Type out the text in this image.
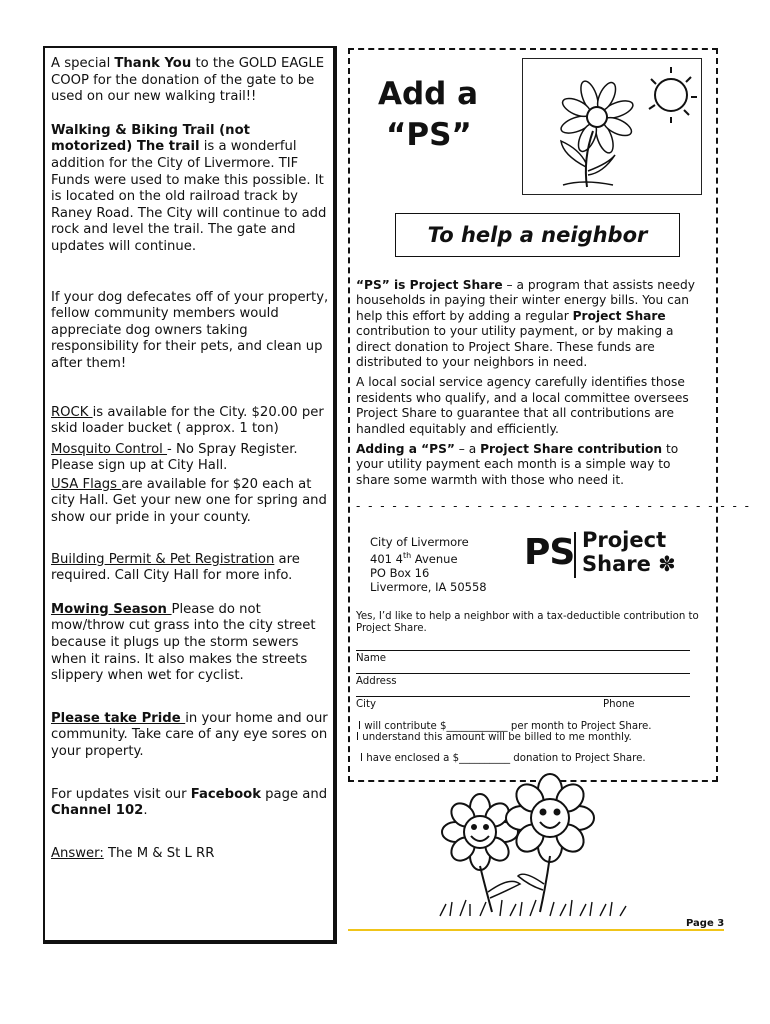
A special Thank You to the GOLD EAGLE COOP for the donation of the gate to be used on our new walking trail!!

Walking & Biking Trail (not motorized) The trail is a wonderful addition for the City of Livermore. TIF Funds were used to make this possible. It is located on the old railroad track by Raney Road. The City will continue to add rock and level the trail. The gate and updates will continue.

If your dog defecates off of your property, fellow community members would appreciate dog owners taking responsibility for their pets, and clean up after them!

ROCK is available for the City. $20.00 per skid loader bucket ( approx. 1 ton)

Mosquito Control - No Spray Register. Please sign up at City Hall.

USA Flags are available for $20 each at city Hall. Get your new one for spring and show our pride in your county.

Building Permit & Pet Registration are required. Call City Hall for more info.

Mowing Season Please do not mow/throw cut grass into the city street because it plugs up the storm sewers when it rains. It also makes the streets slippery when wet for cyclist.

Please take Pride in your home and our community. Take care of any eye sores on your property.

For updates visit our Facebook page and Channel 102.

Answer: The M & St L RR

Add a
“PS”
To help a neighbor

“PS” is Project Share – a program that assists needy households in paying their winter energy bills. You can help this effort by adding a regular Project Share contribution to your utility payment, or by making a direct donation to Project Share. These funds are distributed to your neighbors in need.

A local social service agency carefully identifies those residents who qualify, and a local committee oversees Project Share to guarantee that all contributions are handled equitably and efficiently.

Adding a “PS” – a Project Share contribution to your utility payment each month is a simple way to share some warmth with those who need it.

- - - - - - - - - - - - - - - - - - - - - - - - - - - - - - - - -
City of Livermore
401 4th Avenue
PO Box 16
Livermore, IA 50558
PS Project
Share ✽
Yes, I’d like to help a neighbor with a tax-deductible contribution to Project Share.
Name
Address
City	Phone
I will contribute $____________ per month to Project Share.
I understand this amount will be billed to me monthly.
I have enclosed a $__________ donation to Project Share.
Page 3
